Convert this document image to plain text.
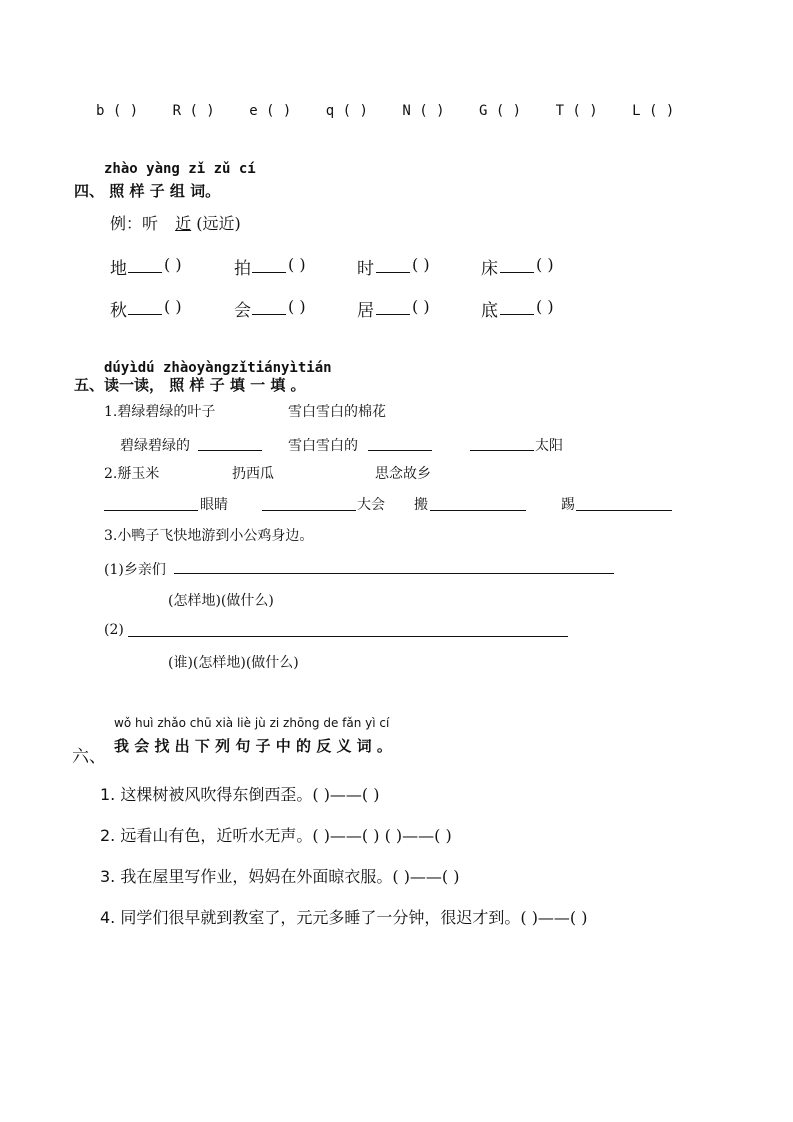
b ( ) R ( ) e ( ) q ( ) N ( ) G ( ) T ( ) L ( )
zhào yàng zǐ zǔ cí
四、 照 样 子 组 词。
例：听 近 (远近)
地 ( )	拍 ( )	时 ( )	床 ( )
秋 ( )	会 ( )	居 ( )	底 ( )
dúyìdú zhàoyàngzǐtiányìtián
五、读一读， 照 样 子 填 一 填 。
1.碧绿碧绿的叶子	雪白雪白的棉花
碧绿碧绿的	雪白雪白的	太阳
2.掰玉米	扔西瓜	思念故乡
眼睛	大会 搬	踢
3.小鸭子飞快地游到小公鸡身边。
(1)乡亲们
(怎样地)(做什么)
(2)
(谁)(怎样地)(做什么)
wǒ huì zhǎo chū xià liè jù zi zhōng de fǎn yì cí
六、
我 会 找 出 下 列 句 子 中 的 反 义 词 。
1. 这棵树被风吹得东倒西歪。( )——( )
2. 远看山有色，近听水无声。( )——( ) ( )——( )
3. 我在屋里写作业，妈妈在外面晾衣服。( )——( )
4. 同学们很早就到教室了，元元多睡了一分钟，很迟才到。( )——( )
